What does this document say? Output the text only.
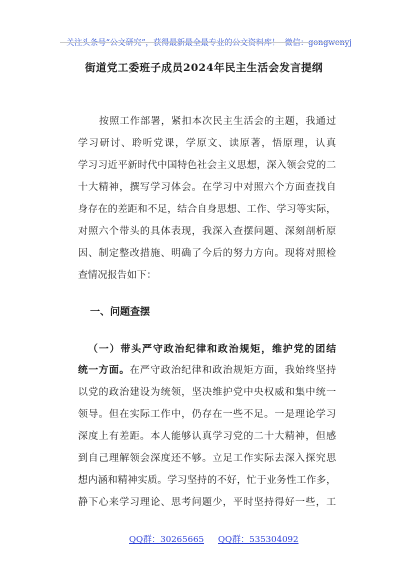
关注头条号“公文研究”，获得最新最全最专业的公文资料库！  微信：gongwenyj

街道党工委班子成员2024年民主生活会发言提纲
按照工作部署，紧扣本次民主生活会的主题，我通过
学习研讨、聆听党课，学原文、读原著，悟原理，认真
学习习近平新时代中国特色社会主义思想，深入领会党的二
十大精神，撰写学习体会。在学习中对照六个方面查找自
身存在的差距和不足，结合自身思想、工作、学习等实际，
对照六个带头的具体表现，我深入查摆问题、深刻剖析原
因、制定整改措施、明确了今后的努力方向。现将对照检
查情况报告如下：
一、问题查摆
（一）带头严守政治纪律和政治规矩，维护党的团结
统一方面。在严守政治纪律和政治规矩方面，我始终坚持
以党的政治建设为统领，坚决维护党中央权威和集中统一
领导。但在实际工作中，仍存在一些不足。一是理论学习
深度上有差距。本人能够认真学习党的二十大精神，但感
到自己理解领会深度还不够。立足工作实际去深入探究思
想内涵和精神实质。学习坚持的不好，忙于业务性工作多，
静下心来学习理论、思考问题少，平时坚持得好一些，工
QQ群：30265665 QQ群：535304092
